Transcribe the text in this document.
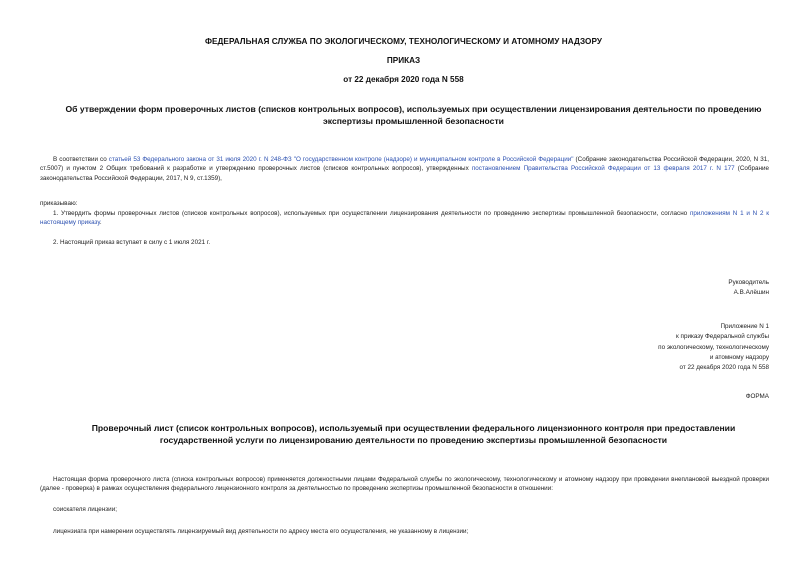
ФЕДЕРАЛЬНАЯ СЛУЖБА ПО ЭКОЛОГИЧЕСКОМУ, ТЕХНОЛОГИЧЕСКОМУ И АТОМНОМУ НАДЗОРУ
ПРИКАЗ
от 22 декабря 2020 года N 558
Об утверждении форм проверочных листов (списков контрольных вопросов), используемых при осуществлении лицензирования деятельности по проведению экспертизы промышленной безопасности
В соответствии со статьей 53 Федерального закона от 31 июля 2020 г. N 248-ФЗ "О государственном контроле (надзоре) и муниципальном контроле в Российской Федерации" (Собрание законодательства Российской Федерации, 2020, N 31, ст.5007) и пунктом 2 Общих требований к разработке и утверждению проверочных листов (списков контрольных вопросов), утвержденных постановлением Правительства Российской Федерации от 13 февраля 2017 г. N 177 (Собрание законодательства Российской Федерации, 2017, N 9, ст.1359),
приказываю:
1. Утвердить формы проверочных листов (списков контрольных вопросов), используемых при осуществлении лицензирования деятельности по проведению экспертизы промышленной безопасности, согласно приложениям N 1 и N 2 к настоящему приказу.
2. Настоящий приказ вступает в силу с 1 июля 2021 г.
Руководитель
А.В.Алёшин
Приложение N 1
к приказу Федеральной службы
по экологическому, технологическому
и атомному надзору
от 22 декабря 2020 года N 558
ФОРМА
Проверочный лист (список контрольных вопросов), используемый при осуществлении федерального лицензионного контроля при предоставлении государственной услуги по лицензированию деятельности по проведению экспертизы промышленной безопасности
Настоящая форма проверочного листа (списка контрольных вопросов) применяется должностными лицами Федеральной службы по экологическому, технологическому и атомному надзору при проведении внеплановой выездной проверки (далее - проверка) в рамках осуществления федерального лицензионного контроля за деятельностью по проведению экспертизы промышленной безопасности в отношении:
соискателя лицензии;
лицензиата при намерении осуществлять лицензируемый вид деятельности по адресу места его осуществления, не указанному в лицензии;
